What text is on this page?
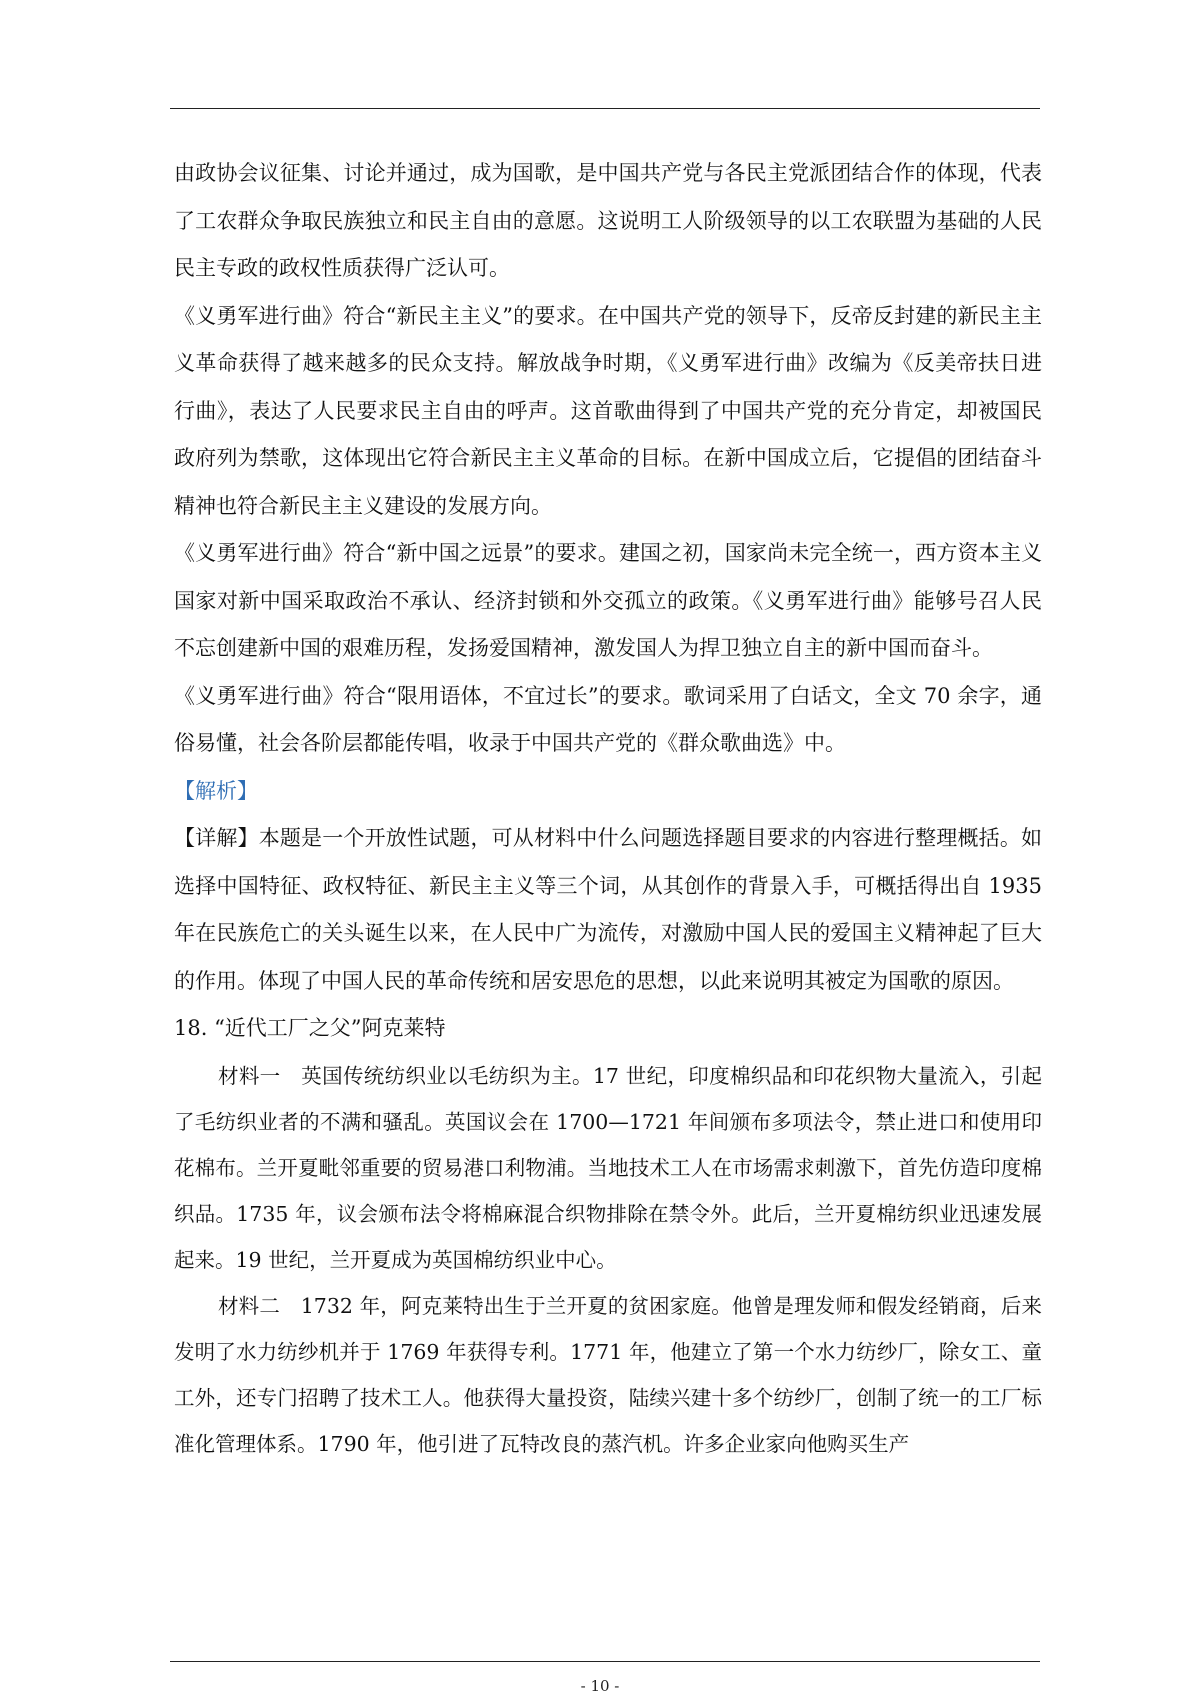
由政协会议征集、讨论并通过，成为国歌，是中国共产党与各民主党派团结合作的体现，代表了工农群众争取民族独立和民主自由的意愿。这说明工人阶级领导的以工农联盟为基础的人民民主专政的政权性质获得广泛认可。

《义勇军进行曲》符合“新民主主义”的要求。在中国共产党的领导下，反帝反封建的新民主主义革命获得了越来越多的民众支持。解放战争时期，《义勇军进行曲》改编为《反美帝扶日进行曲》，表达了人民要求民主自由的呼声。这首歌曲得到了中国共产党的充分肯定，却被国民政府列为禁歌，这体现出它符合新民主主义革命的目标。在新中国成立后，它提倡的团结奋斗精神也符合新民主主义建设的发展方向。

《义勇军进行曲》符合“新中国之远景”的要求。建国之初，国家尚未完全统一，西方资本主义国家对新中国采取政治不承认、经济封锁和外交孤立的政策。《义勇军进行曲》能够号召人民不忘创建新中国的艰难历程，发扬爱国精神，激发国人为捍卫独立自主的新中国而奋斗。

《义勇军进行曲》符合“限用语体，不宜过长”的要求。歌词采用了白话文，全文 70 余字，通俗易懂，社会各阶层都能传唱，收录于中国共产党的《群众歌曲选》中。

【解析】

【详解】本题是一个开放性试题，可从材料中什么问题选择题目要求的内容进行整理概括。如选择中国特征、政权特征、新民主主义等三个词，从其创作的背景入手，可概括得出自 1935 年在民族危亡的关头诞生以来，在人民中广为流传，对激励中国人民的爱国主义精神起了巨大的作用。体现了中国人民的革命传统和居安思危的思想，以此来说明其被定为国歌的原因。

18. “近代工厂之父”阿克莱特

材料一　英国传统纺织业以毛纺织为主。17 世纪，印度棉织品和印花织物大量流入，引起了毛纺织业者的不满和骚乱。英国议会在 1700—1721 年间颁布多项法令，禁止进口和使用印花棉布。兰开夏毗邻重要的贸易港口利物浦。当地技术工人在市场需求刺激下，首先仿造印度棉织品。1735 年，议会颁布法令将棉麻混合织物排除在禁令外。此后，兰开夏棉纺织业迅速发展起来。19 世纪，兰开夏成为英国棉纺织业中心。

材料二　1732 年，阿克莱特出生于兰开夏的贫困家庭。他曾是理发师和假发经销商，后来发明了水力纺纱机并于 1769 年获得专利。1771 年，他建立了第一个水力纺纱厂，除女工、童工外，还专门招聘了技术工人。他获得大量投资，陆续兴建十多个纺纱厂，创制了统一的工厂标准化管理体系。1790 年，他引进了瓦特改良的蒸汽机。许多企业家向他购买生产

- 10 -
